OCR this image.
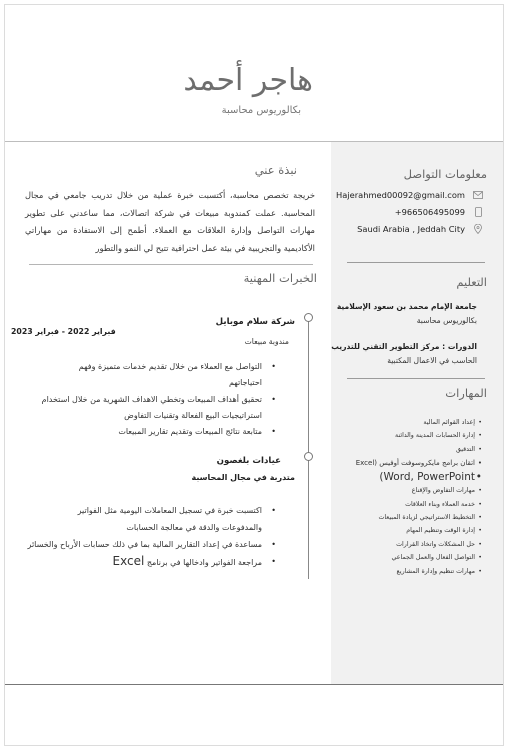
هاجر أحمد
بكالوريوس محاسبة
معلومات التواصل
Hajerahmed00092@gmail.com
+966506495099
Saudi Arabia , Jeddah City
التعليم
جامعة الإمام محمد بن سعود الإسلامية
بكالوريوس محاسبة
الدورات : مركز التطوير التقني للتدريب
الحاسب في الاعمال المكتبية
المهارات
• إعداد القوائم المالية
• إدارة الحسابات المدينة والدائنة
• التدقيق
• اتقان برامج مايكروسوفت أوفيس (Excel
• Word, PowerPoint)
• مهارات التفاوض والإقناع
• خدمة العملاء وبناء العلاقات
• التخطيط الاستراتيجي لزيادة المبيعات
• إدارة الوقت وتنظيم المهام
• حل المشكلات واتخاذ القرارات
• التواصل الفعال والعمل الجماعي
• مهارات تنظيم وإدارة المشاريع
نبذة عني
خريجة تخصص محاسبة، أكتسبت خبرة عملية من خلال تدريب جامعي في مجال المحاسبة. عملت كمندوبة مبيعات في شركة اتصالات، مما ساعدني على تطوير مهارات التواصل وإدارة العلاقات مع العملاء. أطمح إلى الاستفادة من مهاراتي الأكاديمية والتجريبية في بيئة عمل احترافية تتيح لي النمو والتطور
الخبرات المهنية
شركة سلام موبايل
فبراير 2022 - فبراير 2023
مندوبة مبيعات
• التواصل مع العملاء من خلال تقديم خدمات متميزة وفهم
احتياجاتهم
• تحقيق أهداف المبيعات وتخطي الاهداف الشهرية من خلال استخدام
استراتيجيات البيع الفعالة وتقنيات التفاوض
• متابعة نتائج المبيعات وتقديم تقارير المبيعات
عيادات بلغصون
متدربة في مجال المحاسبة
• اكتسبت خبرة في تسجيل المعاملات اليومية مثل الفواتير
والمدفوعات والدقة في معالجة الحسابات
• مساعدة في إعداد التقارير المالية بما في ذلك حسابات الأرباح والخسائر
• مراجعة الفواتير وادخالها في برنامج Excel
